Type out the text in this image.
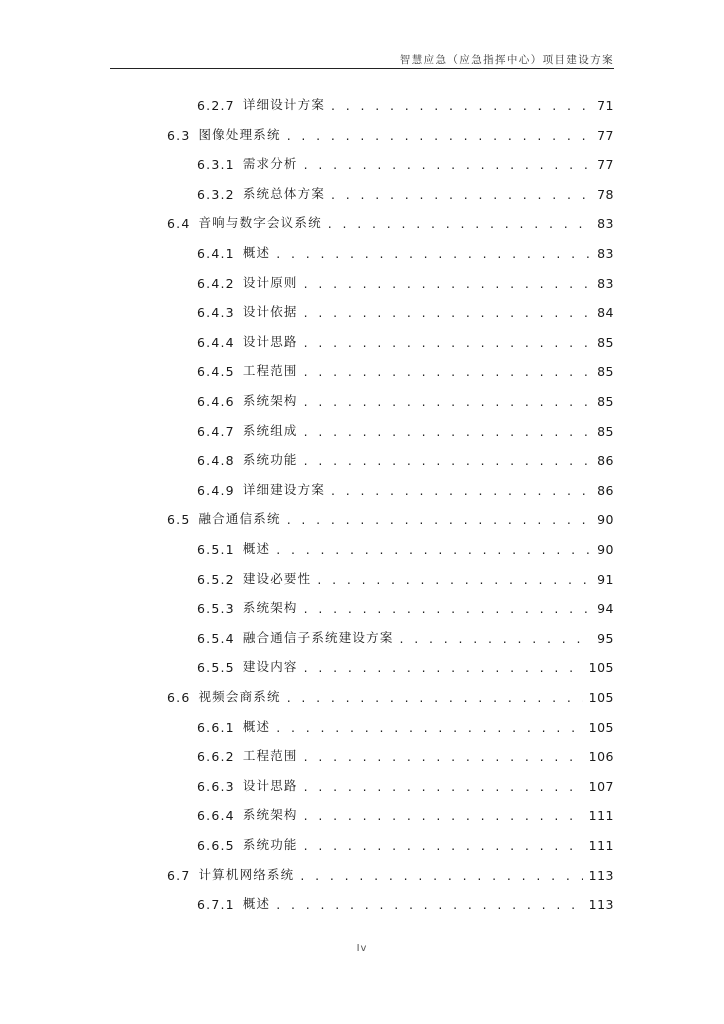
智慧应急（应急指挥中心）项目建设方案
6.2.7 详细设计方案 . . .	71
6.3 图像处理系统 . . .	77
6.3.1 需求分析 . . .	77
6.3.2 系统总体方案 . . .	78
6.4 音响与数字会议系统 . . .	83
6.4.1 概述 . . .	83
6.4.2 设计原则 . . .	83
6.4.3 设计依据 . . .	84
6.4.4 设计思路 . . .	85
6.4.5 工程范围 . . .	85
6.4.6 系统架构 . . .	85
6.4.7 系统组成 . . .	85
6.4.8 系统功能 . . .	86
6.4.9 详细建设方案 . . .	86
6.5 融合通信系统 . . .	90
6.5.1 概述 . . .	90
6.5.2 建设必要性 . . .	91
6.5.3 系统架构 . . .	94
6.5.4 融合通信子系统建设方案 . . .	95
6.5.5 建设内容 . . .	105
6.6 视频会商系统 . . .	105
6.6.1 概述 . . .	105
6.6.2 工程范围 . . .	106
6.6.3 设计思路 . . .	107
6.6.4 系统架构 . . .	111
6.6.5 系统功能 . . .	111
6.7 计算机网络系统 . . .	113
6.7.1 概述 . . .	113
Iv
